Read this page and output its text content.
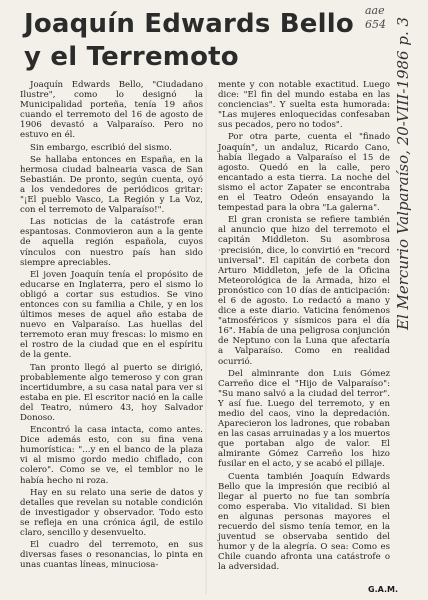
Joaquín Edwards Bello y el Terremoto

Joaquín Edwards Bello, "Ciudadano Ilustre", como lo designó la Municipalidad porteña, tenía 19 años cuando el terremoto del 16 de agosto de 1906 devastó a Valparaíso. Pero no estuvo en él.

Sin embargo, escribió del sismo.

Se hallaba entonces en España, en la hermosa ciudad balnearia vasca de San Sebastián. De pronto, según cuenta, oyó a los vendedores de periódicos gritar: "¡El pueblo Vasco, La Región y La Voz, con el terremoto de Valparaíso!".

Las noticias de la catástrofe eran espantosas. Conmovieron aun a la gente de aquella región española, cuyos vínculos con nuestro país han sido siempre apreciables.

El joven Joaquín tenía el propósito de educarse en Inglaterra, pero el sismo lo obligó a cortar sus estudios. Se vino entonces con su familia a Chile, y en los últimos meses de aquel año estaba de nuevo en Valparaíso. Las huellas del terremoto eran muy frescas: lo mismo en el rostro de la ciudad que en el espíritu de la gente.

Tan pronto llegó al puerto se dirigió, probablemente algo temeroso y con gran incertidumbre, a su casa natal para ver si estaba en pie. El escritor nació en la calle del Teatro, número 43, hoy Salvador Donoso.

Encontró la casa intacta, como antes. Dice además esto, con su fina vena humorística: "...y en el banco de la plaza vi al mismo gordo medio chiflado, con colero". Como se ve, el temblor no le había hecho ni roza.

Hay en su relato una serie de datos y detalles que revelan su notable condición de investigador y observador. Todo esto se refleja en una crónica ágil, de estilo claro, sencillo y desenvuelto.

El cuadro del terremoto, en sus diversas fases o resonancias, lo pinta en unas cuantas líneas, minuciosa-

mente y con notable exactitud. Luego dice: "El fin del mundo estaba en las conciencias". Y suelta esta humorada: "Las mujeres enloquecidas confesaban sus pecados, pero no todos".

Por otra parte, cuenta el "finado Joaquín", un andaluz, Ricardo Cano, había llegado a Valparaíso el 15 de agosto. Quedó en la calle, pero encantado a esta tierra. La noche del sismo el actor Zapater se encontraba en el Teatro Odeón ensayando la tempestad para la obra "La galerna".

El gran cronista se refiere también al anuncio que hizo del terremoto el capitán Middleton. Su asombrosa ·precisión, dice, lo convirtió en "record universal". El capitán de corbeta don Arturo Middleton, jefe de la Oficina Meteorológica de la Armada, hizo el pronóstico con 10 días de anticipación: el 6 de agosto. Lo redactó a mano y dice a este diario. Vaticina fenómenos "atmosféricos y sísmicos para el día 16". Había de una peligrosa conjunción de Neptuno con la Luna que afectaría a Valparaíso. Como en realidad ocurrió.

Del alminrante don Luis Gómez Carreño dice el "Hijo de Valparaíso": "Su mano salvó a la ciudad del terror". Y así fue. Luego del terremoto, y en medio del caos, vino la depredación. Aparecieron los ladrones, que robaban en las casas arruinadas y a los muertos que portaban algo de valor. El almirante Gómez Carreño los hizo fusilar en el acto, y se acabó el pillaje.

Cuenta también Joaquín Edwards Bello que la impresión que recibió al llegar al puerto no fue tan sombría como esperaba. Vio vitalidad. Si bien en algunas personas mayores el recuerdo del sismo tenía temor, en la juventud se observaba sentido del humor y de la alegría. O sea: Como es Chile cuando afronta una catástrofe o la adversidad.

G.A.M.
aae
654 El Mercurio Valparaíso, 20-VIII-1986 p. 3
